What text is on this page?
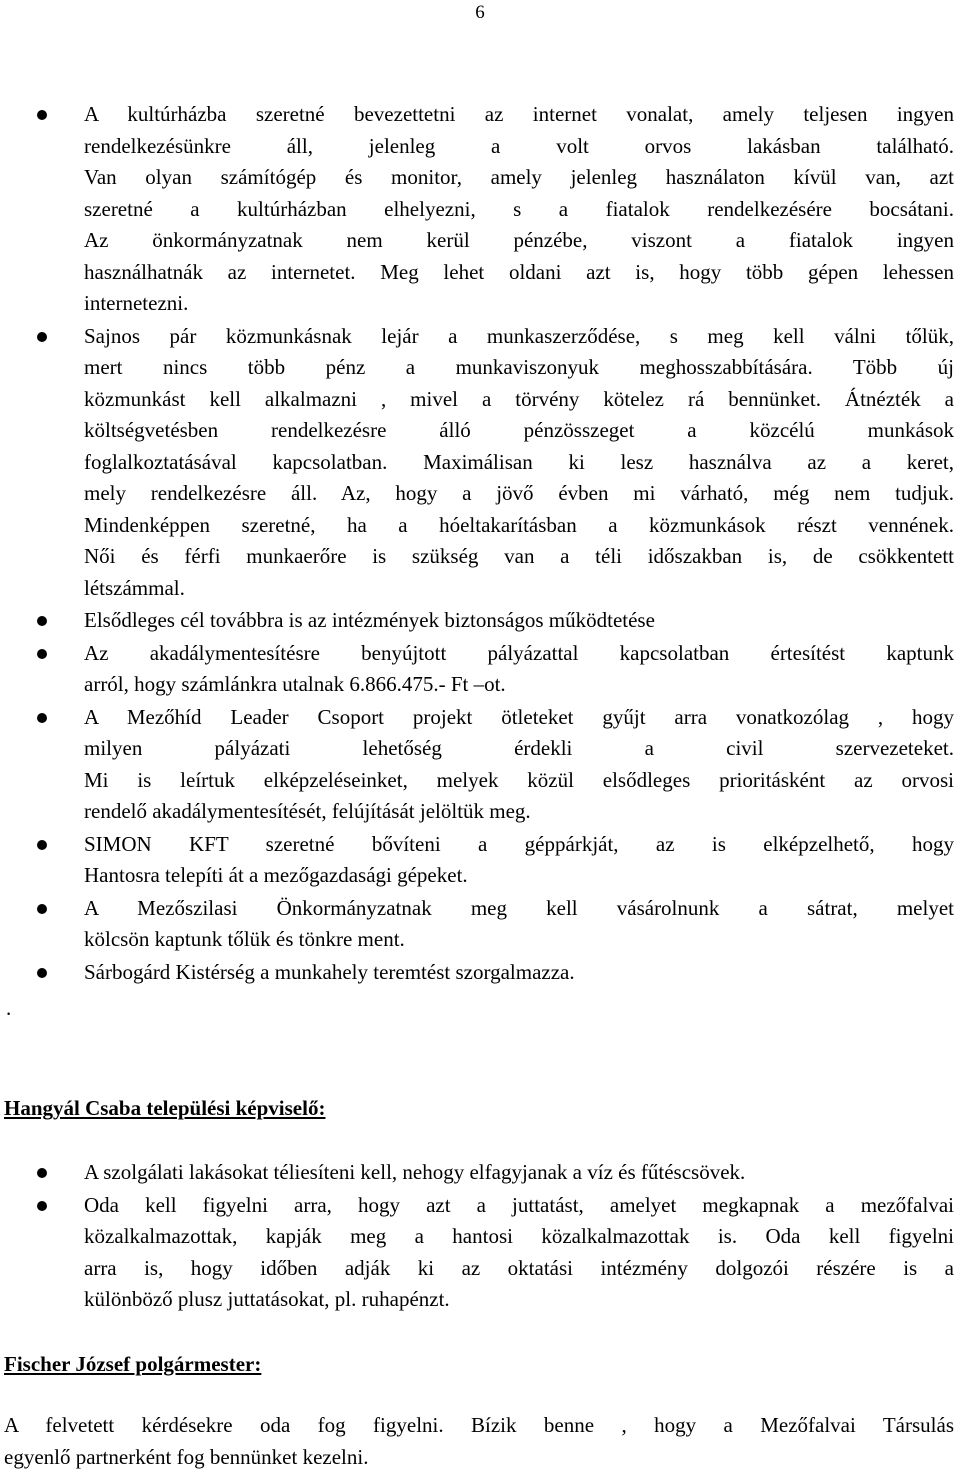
6
A kultúrházba szeretné bevezettetni az internet vonalat, amely teljesen ingyen
rendelkezésünkre áll, jelenleg a volt orvos lakásban található.
Van olyan számítógép és monitor, amely jelenleg használaton kívül van, azt
szeretné a kultúrházban elhelyezni, s a fiatalok rendelkezésére bocsátani.
Az önkormányzatnak nem kerül pénzébe, viszont a fiatalok ingyen
használhatnák az internetet. Meg lehet oldani azt is, hogy több gépen lehessen
internetezni.
Sajnos pár közmunkásnak lejár a munkaszerződése, s meg kell válni tőlük,
mert nincs több pénz a munkaviszonyuk meghosszabbítására. Több új
közmunkást kell alkalmazni , mivel a törvény kötelez rá bennünket. Átnézték a
költségvetésben rendelkezésre álló pénzösszeget a közcélú munkások
foglalkoztatásával kapcsolatban. Maximálisan ki lesz használva az a keret,
mely rendelkezésre áll. Az, hogy a jövő évben mi várható, még nem tudjuk.
Mindenképpen szeretné, ha a hóeltakarításban a közmunkások részt vennének.
Női és férfi munkaerőre is szükség van a téli időszakban is, de csökkentett
létszámmal.
Elsődleges cél továbbra is az intézmények biztonságos működtetése
Az akadálymentesítésre benyújtott pályázattal kapcsolatban értesítést kaptunk
arról, hogy számlánkra utalnak 6.866.475.- Ft –ot.
A Mezőhíd Leader Csoport projekt ötleteket gyűjt arra vonatkozólag , hogy
milyen pályázati lehetőség érdekli a civil szervezeteket.
Mi is leírtuk elképzeléseinket, melyek közül elsődleges prioritásként az orvosi
rendelő akadálymentesítését, felújítását jelöltük meg.
SIMON KFT szeretné bővíteni a géppárkját, az is elképzelhető, hogy
Hantosra telepíti át a mezőgazdasági gépeket.
A Mezőszilasi Önkormányzatnak meg kell vásárolnunk a sátrat, melyet
kölcsön kaptunk tőlük és tönkre ment.
Sárbogárd Kistérség a munkahely teremtést szorgalmazza.
.
Hangyál Csaba települési képviselő:
A szolgálati lakásokat téliesíteni kell, nehogy elfagyjanak a víz és fűtéscsövek.
Oda kell figyelni arra, hogy azt a juttatást, amelyet megkapnak a mezőfalvai
közalkalmazottak, kapják meg a hantosi közalkalmazottak is. Oda kell figyelni
arra is, hogy időben adják ki az oktatási intézmény dolgozói részére is a
különböző plusz juttatásokat, pl. ruhapénzt.
Fischer József polgármester:
A felvetett kérdésekre oda fog figyelni. Bízik benne , hogy a Mezőfalvai Társulás
egyenlő partnerként fog bennünket kezelni.
